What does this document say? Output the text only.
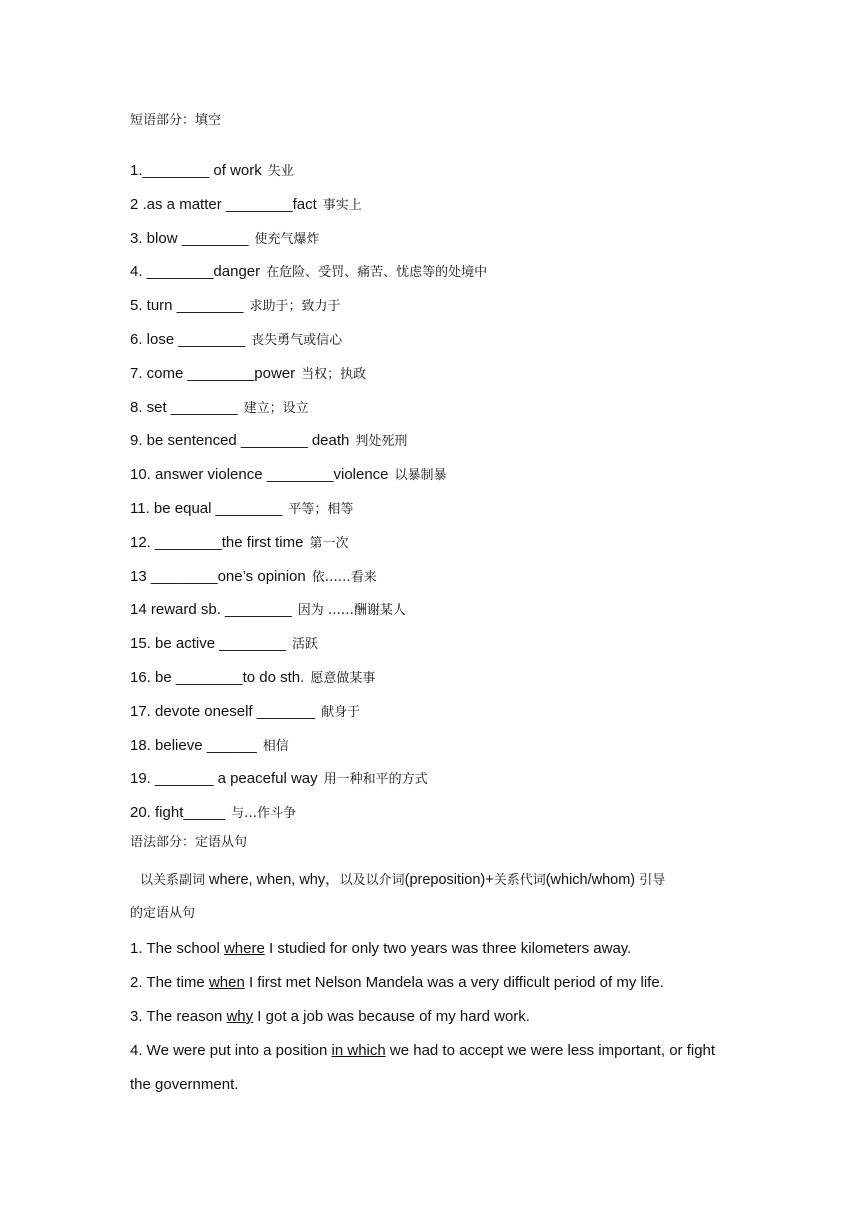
短语部分：填空
1.________ of work 失业
2 .as a matter ________fact 事实上
3. blow ________ 使充气爆炸
4. ________danger 在危险、受罚、痛苦、忧虑等的处境中
5. turn ________ 求助于；致力于
6. lose ________ 丧失勇气或信心
7. come ________power 当权；执政
8. set ________ 建立；设立
9. be sentenced ________ death 判处死刑
10. answer violence ________violence 以暴制暴
11. be equal ________ 平等；相等
12. ________the first time 第一次
13 ________one’s opinion 依……看来
14 reward sb. ________ 因为 ……酬谢某人
15. be active ________ 活跃
16. be ________to do sth. 愿意做某事
17. devote oneself _______ 献身于
18. believe ______ 相信
19. _______ a peaceful way 用一种和平的方式
20. fight_____ 与…作斗争
语法部分：定语从句
以关系副词 where, when, why，以及以介词(preposition)+关系代词(which/whom) 引导
的定语从句
1. The school where I studied for only two years was three kilometers away.
2. The time when I first met Nelson Mandela was a very difficult period of my life.
3. The reason why I got a job was because of my hard work.
4. We were put into a position in which we had to accept we were less important, or fight the government.
